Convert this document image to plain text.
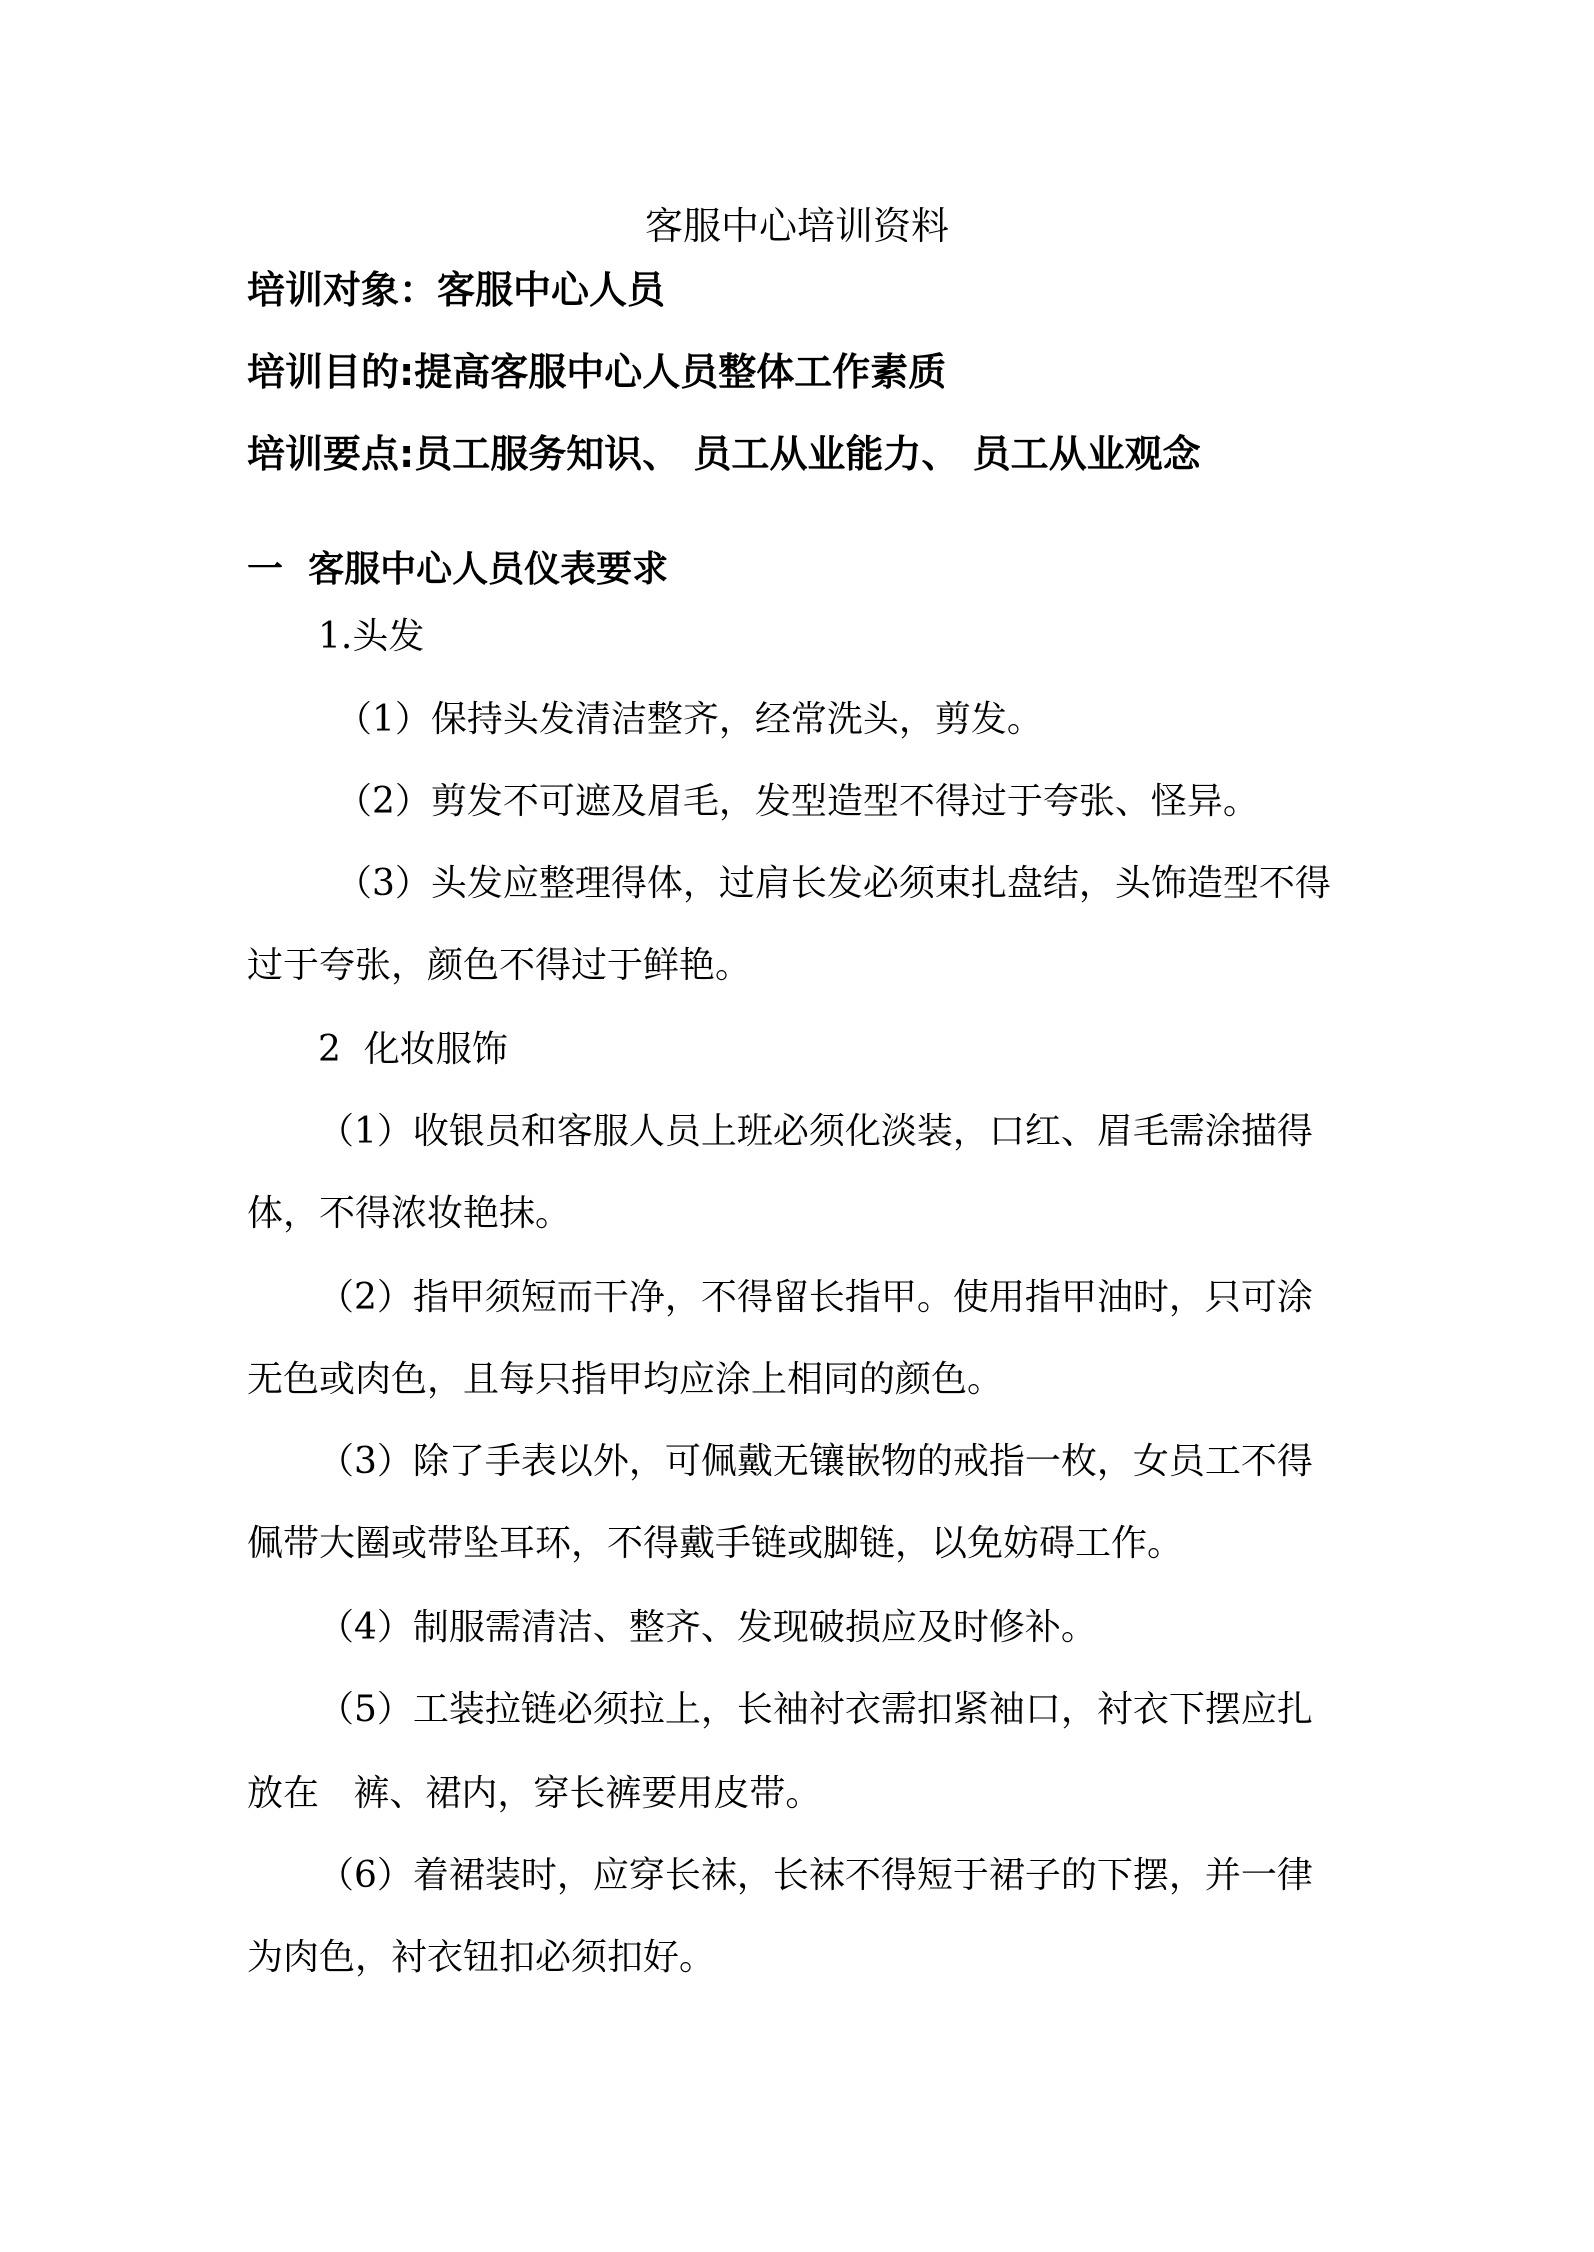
客服中心培训资料
培训对象：客服中心人员
培训目的:提高客服中心人员整体工作素质
培训要点:员工服务知识、 员工从业能力、 员工从业观念
一  客服中心人员仪表要求
1.头发
（1）保持头发清洁整齐，经常洗头，剪发。
（2）剪发不可遮及眉毛，发型造型不得过于夸张、怪异。
（3）头发应整理得体，过肩长发必须束扎盘结，头饰造型不得
过于夸张，颜色不得过于鲜艳。
2  化妆服饰
（1）收银员和客服人员上班必须化淡装，口红、眉毛需涂描得
体，不得浓妆艳抹。
（2）指甲须短而干净，不得留长指甲。使用指甲油时，只可涂
无色或肉色，且每只指甲均应涂上相同的颜色。
（3）除了手表以外，可佩戴无镶嵌物的戒指一枚，女员工不得
佩带大圈或带坠耳环，不得戴手链或脚链，以免妨碍工作。
（4）制服需清洁、整齐、发现破损应及时修补。
（5）工装拉链必须拉上，长袖衬衣需扣紧袖口，衬衣下摆应扎
放在   裤、裙内，穿长裤要用皮带。
（6）着裙装时，应穿长袜，长袜不得短于裙子的下摆，并一律
为肉色，衬衣钮扣必须扣好。
